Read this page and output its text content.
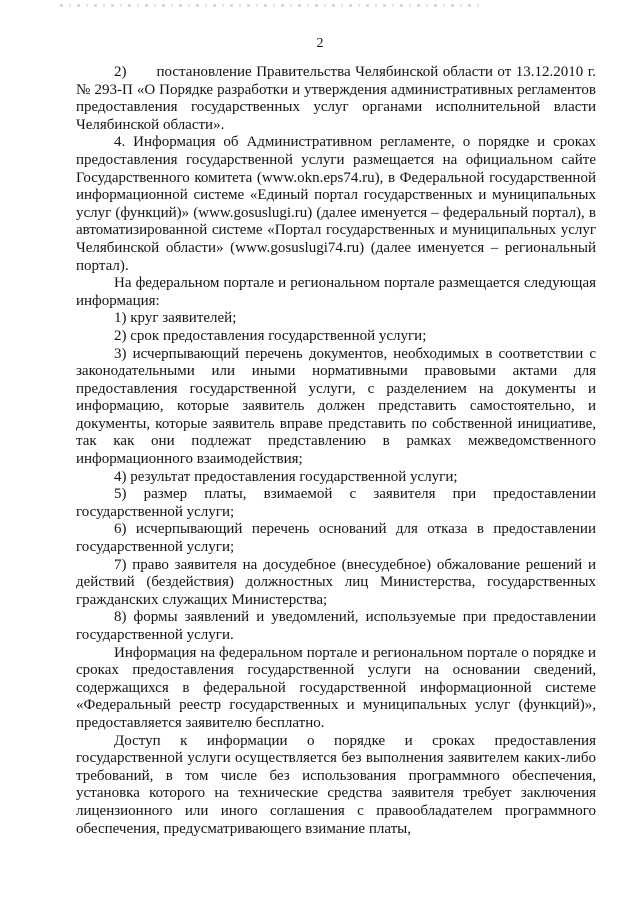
2

2)  постановление Правительства Челябинской области от 13.12.2010 г. № 293-П «О Порядке разработки и утверждения административных регламентов предоставления государственных услуг органами исполнительной власти Челябинской области».

4. Информация об Административном регламенте, о порядке и сроках предоставления государственной услуги размещается на официальном сайте Государственного комитета (www.okn.eps74.ru), в Федеральной государственной информационной системе «Единый портал государственных и муниципальных услуг (функций)» (www.gosuslugi.ru) (далее именуется – федеральный портал), в автоматизированной системе «Портал государственных и муниципальных услуг Челябинской области» (www.gosuslugi74.ru) (далее именуется – региональный портал).

На федеральном портале и региональном портале размещается следующая информация:

1) круг заявителей;

2) срок предоставления государственной услуги;

3) исчерпывающий перечень документов, необходимых в соответствии с законодательными или иными нормативными правовыми актами для предоставления государственной услуги, с разделением на документы и информацию, которые заявитель должен представить самостоятельно, и документы, которые заявитель вправе представить по собственной инициативе, так как они подлежат представлению в рамках межведомственного информационного взаимодействия;

4) результат предоставления государственной услуги;

5) размер платы, взимаемой с заявителя при предоставлении государственной услуги;

6) исчерпывающий перечень оснований для отказа в предоставлении государственной услуги;

7) право заявителя на досудебное (внесудебное) обжалование решений и действий (бездействия) должностных лиц Министерства, государственных гражданских служащих Министерства;

8) формы заявлений и уведомлений, используемые при предоставлении государственной услуги.

Информация на федеральном портале и региональном портале о порядке и сроках предоставления государственной услуги на основании сведений, содержащихся в федеральной государственной информационной системе «Федеральный реестр государственных и муниципальных услуг (функций)», предоставляется заявителю бесплатно.

Доступ к информации о порядке и сроках предоставления государственной услуги осуществляется без выполнения заявителем каких-либо требований, в том числе без использования программного обеспечения, установка которого на технические средства заявителя требует заключения лицензионного или иного соглашения с правообладателем программного обеспечения, предусматривающего взимание платы,
